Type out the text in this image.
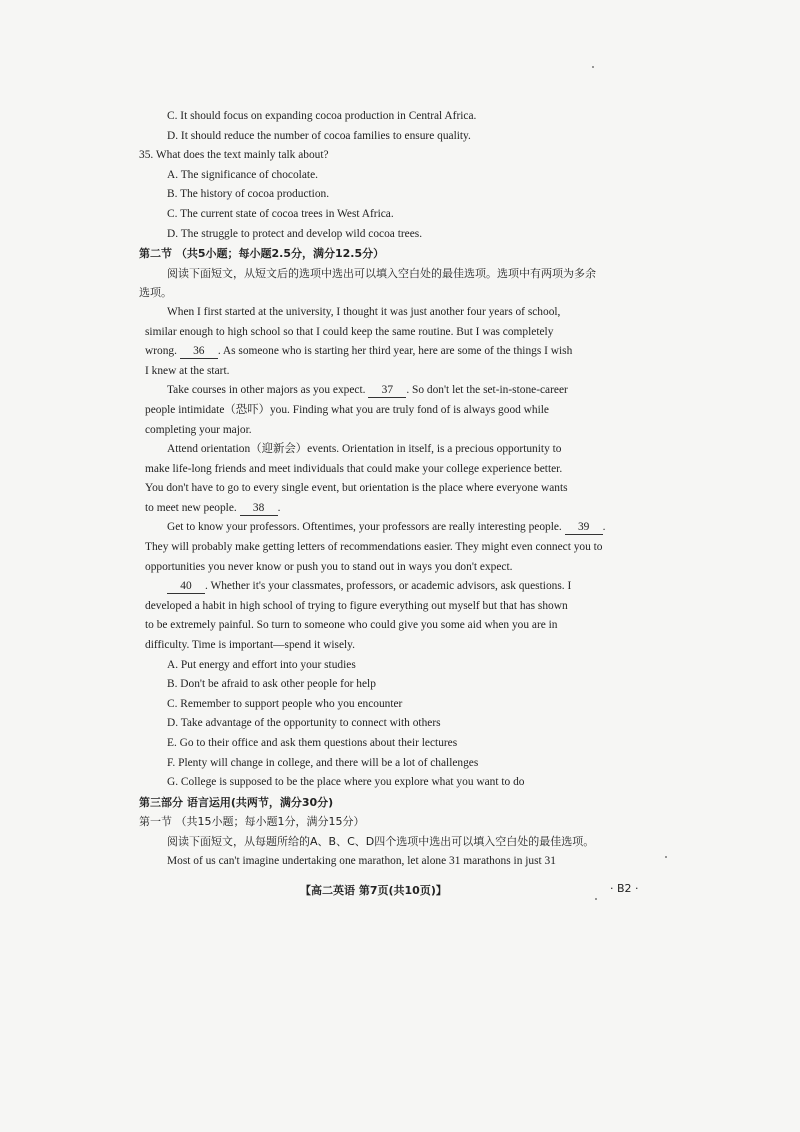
C. It should focus on expanding cocoa production in Central Africa.
D. It should reduce the number of cocoa families to ensure quality.
35. What does the text mainly talk about?
A. The significance of chocolate.
B. The history of cocoa production.
C. The current state of cocoa trees in West Africa.
D. The struggle to protect and develop wild cocoa trees.
第二节 （共5小题；每小题2.5分，满分12.5分）
阅读下面短文，从短文后的选项中选出可以填入空白处的最佳选项。选项中有两项为多余
选项。
When I first started at the university, I thought it was just another four years of school,
similar enough to high school so that I could keep the same routine. But I was completely
wrong. 36 . As someone who is starting her third year, here are some of the things I wish
I knew at the start.
Take courses in other majors as you expect. 37 . So don't let the set-in-stone-career
people intimidate（恐吓）you. Finding what you are truly fond of is always good while
completing your major.
Attend orientation（迎新会）events. Orientation in itself, is a precious opportunity to
make life-long friends and meet individuals that could make your college experience better.
You don't have to go to every single event, but orientation is the place where everyone wants
to meet new people. 38 .
Get to know your professors. Oftentimes, your professors are really interesting people. 39 .
They will probably make getting letters of recommendations easier. They might even connect you to
opportunities you never know or push you to stand out in ways you don't expect.
40 . Whether it's your classmates, professors, or academic advisors, ask questions. I
developed a habit in high school of trying to figure everything out myself but that has shown
to be extremely painful. So turn to someone who could give you some aid when you are in
difficulty. Time is important—spend it wisely.
A. Put energy and effort into your studies
B. Don't be afraid to ask other people for help
C. Remember to support people who you encounter
D. Take advantage of the opportunity to connect with others
E. Go to their office and ask them questions about their lectures
F. Plenty will change in college, and there will be a lot of challenges
G. College is supposed to be the place where you explore what you want to do
第三部分 语言运用(共两节，满分30分)
第一节 （共15小题；每小题1分，满分15分）
阅读下面短文，从每题所给的A、B、C、D四个选项中选出可以填入空白处的最佳选项。
Most of us can't imagine undertaking one marathon, let alone 31 marathons in just 31
【高二英语 第7页(共10页)】	· B2 ·
